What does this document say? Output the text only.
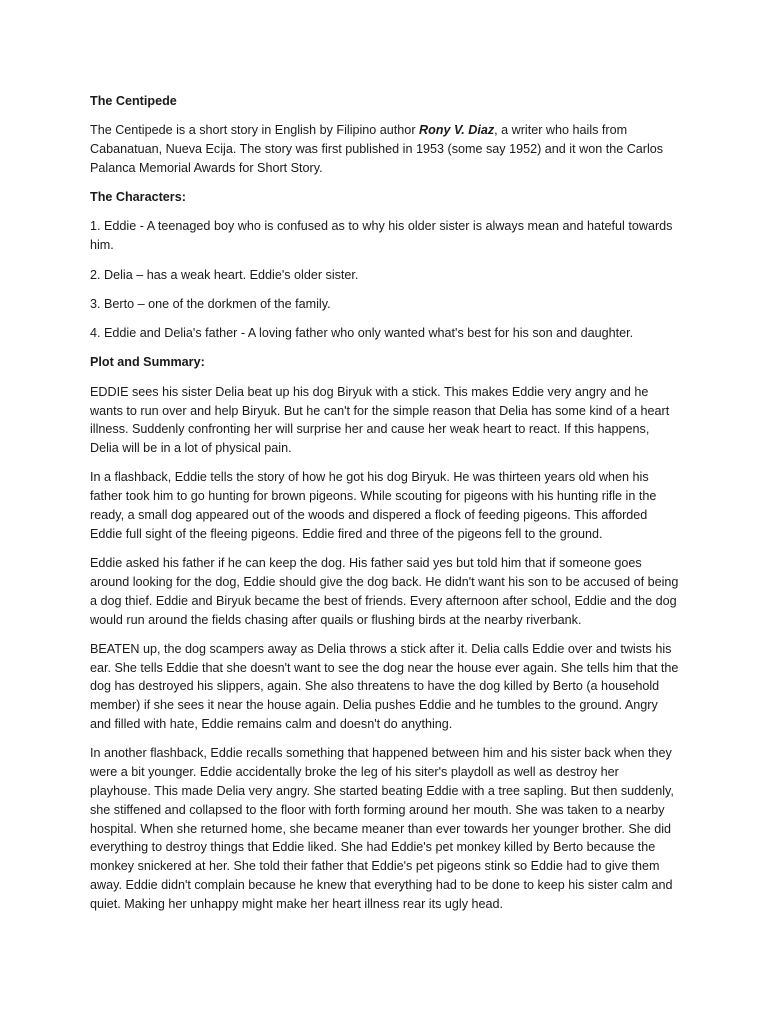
The Centipede

The Centipede is a short story in English by Filipino author Rony V. Diaz, a writer who hails from Cabanatuan, Nueva Ecija. The story was first published in 1953 (some say 1952) and it won the Carlos Palanca Memorial Awards for Short Story.

The Characters:

1. Eddie - A teenaged boy who is confused as to why his older sister is always mean and hateful towards him.

2. Delia – has a weak heart. Eddie's older sister.

3. Berto – one of the dorkmen of the family.

4. Eddie and Delia's father - A loving father who only wanted what's best for his son and daughter.

Plot and Summary:

EDDIE sees his sister Delia beat up his dog Biryuk with a stick. This makes Eddie very angry and he wants to run over and help Biryuk. But he can't for the simple reason that Delia has some kind of a heart illness. Suddenly confronting her will surprise her and cause her weak heart to react. If this happens, Delia will be in a lot of physical pain.

In a flashback, Eddie tells the story of how he got his dog Biryuk. He was thirteen years old when his father took him to go hunting for brown pigeons. While scouting for pigeons with his hunting rifle in the ready, a small dog appeared out of the woods and dispered a flock of feeding pigeons. This afforded Eddie full sight of the fleeing pigeons. Eddie fired and three of the pigeons fell to the ground.

Eddie asked his father if he can keep the dog. His father said yes but told him that if someone goes around looking for the dog, Eddie should give the dog back. He didn't want his son to be accused of being a dog thief. Eddie and Biryuk became the best of friends. Every afternoon after school, Eddie and the dog would run around the fields chasing after quails or flushing birds at the nearby riverbank.

BEATEN up, the dog scampers away as Delia throws a stick after it. Delia calls Eddie over and twists his ear. She tells Eddie that she doesn't want to see the dog near the house ever again. She tells him that the dog has destroyed his slippers, again. She also threatens to have the dog killed by Berto (a household member) if she sees it near the house again. Delia pushes Eddie and he tumbles to the ground. Angry and filled with hate, Eddie remains calm and doesn't do anything.

In another flashback, Eddie recalls something that happened between him and his sister back when they were a bit younger. Eddie accidentally broke the leg of his siter's playdoll as well as destroy her playhouse. This made Delia very angry. She started beating Eddie with a tree sapling. But then suddenly, she stiffened and collapsed to the floor with forth forming around her mouth. She was taken to a nearby hospital. When she returned home, she became meaner than ever towards her younger brother. She did everything to destroy things that Eddie liked. She had Eddie's pet monkey killed by Berto because the monkey snickered at her. She told their father that Eddie's pet pigeons stink so Eddie had to give them away. Eddie didn't complain because he knew that everything had to be done to keep his sister calm and quiet. Making her unhappy might make her heart illness rear its ugly head.
